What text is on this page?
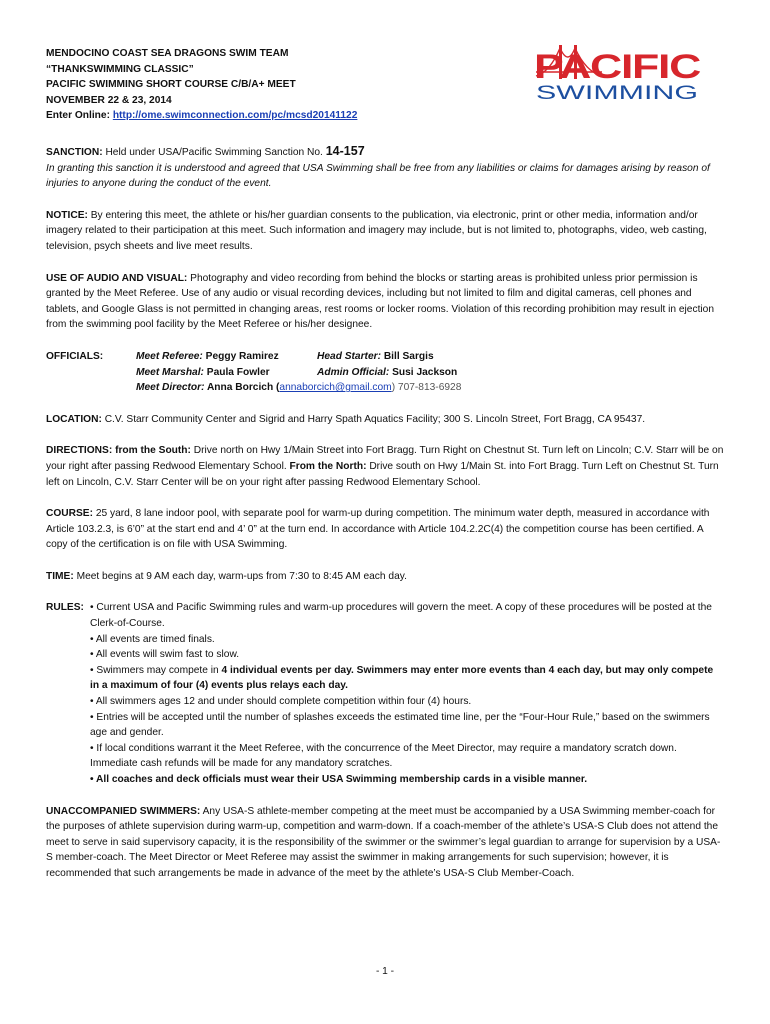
MENDOCINO COAST SEA DRAGONS SWIM TEAM
“THANKSWIMMING CLASSIC”
PACIFIC SWIMMING SHORT COURSE C/B/A+ MEET
NOVEMBER 22 & 23, 2014
Enter Online: http://ome.swimconnection.com/pc/mcsd20141122
PACIFIC
SWIMMING

SANCTION: Held under USA/Pacific Swimming Sanction No. 14-157

In granting this sanction it is understood and agreed that USA Swimming shall be free from any liabilities or claims for damages arising by reason of injuries to anyone during the conduct of the event.

NOTICE: By entering this meet, the athlete or his/her guardian consents to the publication, via electronic, print or other media, information and/or imagery related to their participation at this meet. Such information and imagery may include, but is not limited to, photographs, video, web casting, television, psych sheets and live meet results.

USE OF AUDIO AND VISUAL: Photography and video recording from behind the blocks or starting areas is prohibited unless prior permission is granted by the Meet Referee. Use of any audio or visual recording devices, including but not limited to film and digital cameras, cell phones and tablets, and Google Glass is not permitted in changing areas, rest rooms or locker rooms. Violation of this recording prohibition may result in ejection from the swimming pool facility by the Meet Referee or his/her designee.

OFFICIALS:	Meet Referee: Peggy Ramirez	Head Starter: Bill Sargis
Meet Marshal: Paula Fowler	Admin Official: Susi Jackson
Meet Director: Anna Borcich (annaborcich@gmail.com) 707-813-6928

LOCATION: C.V. Starr Community Center and Sigrid and Harry Spath Aquatics Facility; 300 S. Lincoln Street, Fort Bragg, CA 95437.

DIRECTIONS: from the South: Drive north on Hwy 1/Main Street into Fort Bragg. Turn Right on Chestnut St. Turn left on Lincoln; C.V. Starr will be on your right after passing Redwood Elementary School. From the North: Drive south on Hwy 1/Main St. into Fort Bragg. Turn Left on Chestnut St. Turn left on Lincoln, C.V. Starr Center will be on your right after passing Redwood Elementary School.

COURSE: 25 yard, 8 lane indoor pool, with separate pool for warm-up during competition. The minimum water depth, measured in accordance with Article 103.2.3, is 6’0” at the start end and 4’ 0” at the turn end. In accordance with Article 104.2.2C(4) the competition course has been certified. A copy of the certification is on file with USA Swimming.

TIME: Meet begins at 9 AM each day, warm-ups from 7:30 to 8:45 AM each day.

RULES: • Current USA and Pacific Swimming rules and warm-up procedures will govern the meet. A copy of these procedures will be posted at the Clerk-of-Course.
• All events are timed finals.
• All events will swim fast to slow.
• Swimmers may compete in 4 individual events per day. Swimmers may enter more events than 4 each day, but may only compete in a maximum of four (4) events plus relays each day.
• All swimmers ages 12 and under should complete competition within four (4) hours.
• Entries will be accepted until the number of splashes exceeds the estimated time line, per the “Four-Hour Rule,” based on the swimmers age and gender.
• If local conditions warrant it the Meet Referee, with the concurrence of the Meet Director, may require a mandatory scratch down. Immediate cash refunds will be made for any mandatory scratches.
• All coaches and deck officials must wear their USA Swimming membership cards in a visible manner.

UNACCOMPANIED SWIMMERS: Any USA-S athlete-member competing at the meet must be accompanied by a USA Swimming member-coach for the purposes of athlete supervision during warm-up, competition and warm-down. If a coach-member of the athlete’s USA-S Club does not attend the meet to serve in said supervisory capacity, it is the responsibility of the swimmer or the swimmer’s legal guardian to arrange for supervision by a USA-S member-coach. The Meet Director or Meet Referee may assist the swimmer in making arrangements for such supervision; however, it is recommended that such arrangements be made in advance of the meet by the athlete’s USA-S Club Member-Coach.

- 1 -
